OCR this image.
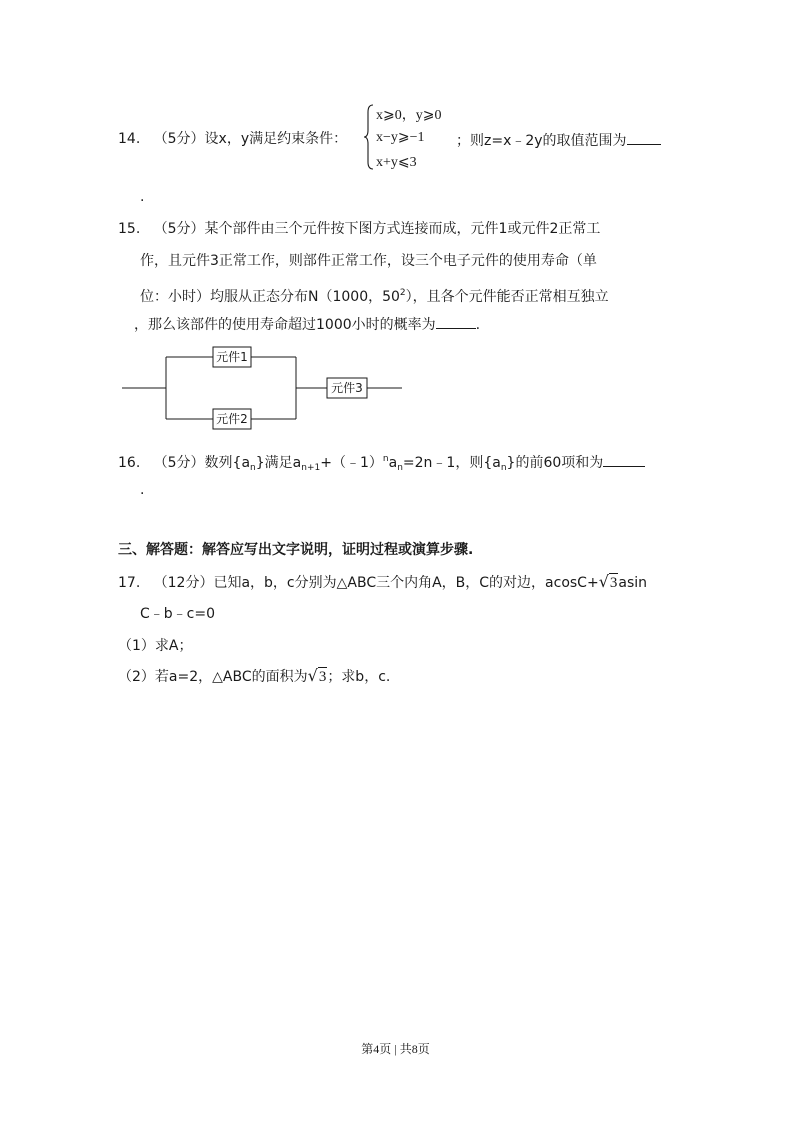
14. （5分）设x，y满足约束条件：
x⩾0，y⩾0
x−y⩾−1
x+y⩽3
；则z=x﹣2y的取值范围为
.
15. （5分）某个部件由三个元件按下图方式连接而成，元件1或元件2正常工
作，且元件3正常工作，则部件正常工作，设三个电子元件的使用寿命（单
位：小时）均服从正态分布N（1000，$50^2$），且各个元件能否正常相互独立
，那么该部件的使用寿命超过1000小时的概率为	.
元件1
元件2
元件3
16. （5分）数列$\{a_n\}$满足$a_{n+1}+(﹣1)^na_n=2n﹣1$，则$\{a_n\}$的前60项和为
.
三、解答题：解答应写出文字说明，证明过程或演算步骤.
17. （12分）已知a，b，c分别为△ABC三个内角A，B，C的对边，acosC+√3asin
C﹣b﹣c=0
（1）求A；
（2）若a=2，△ABC的面积为√3；求b，c.
第4页 | 共8页
